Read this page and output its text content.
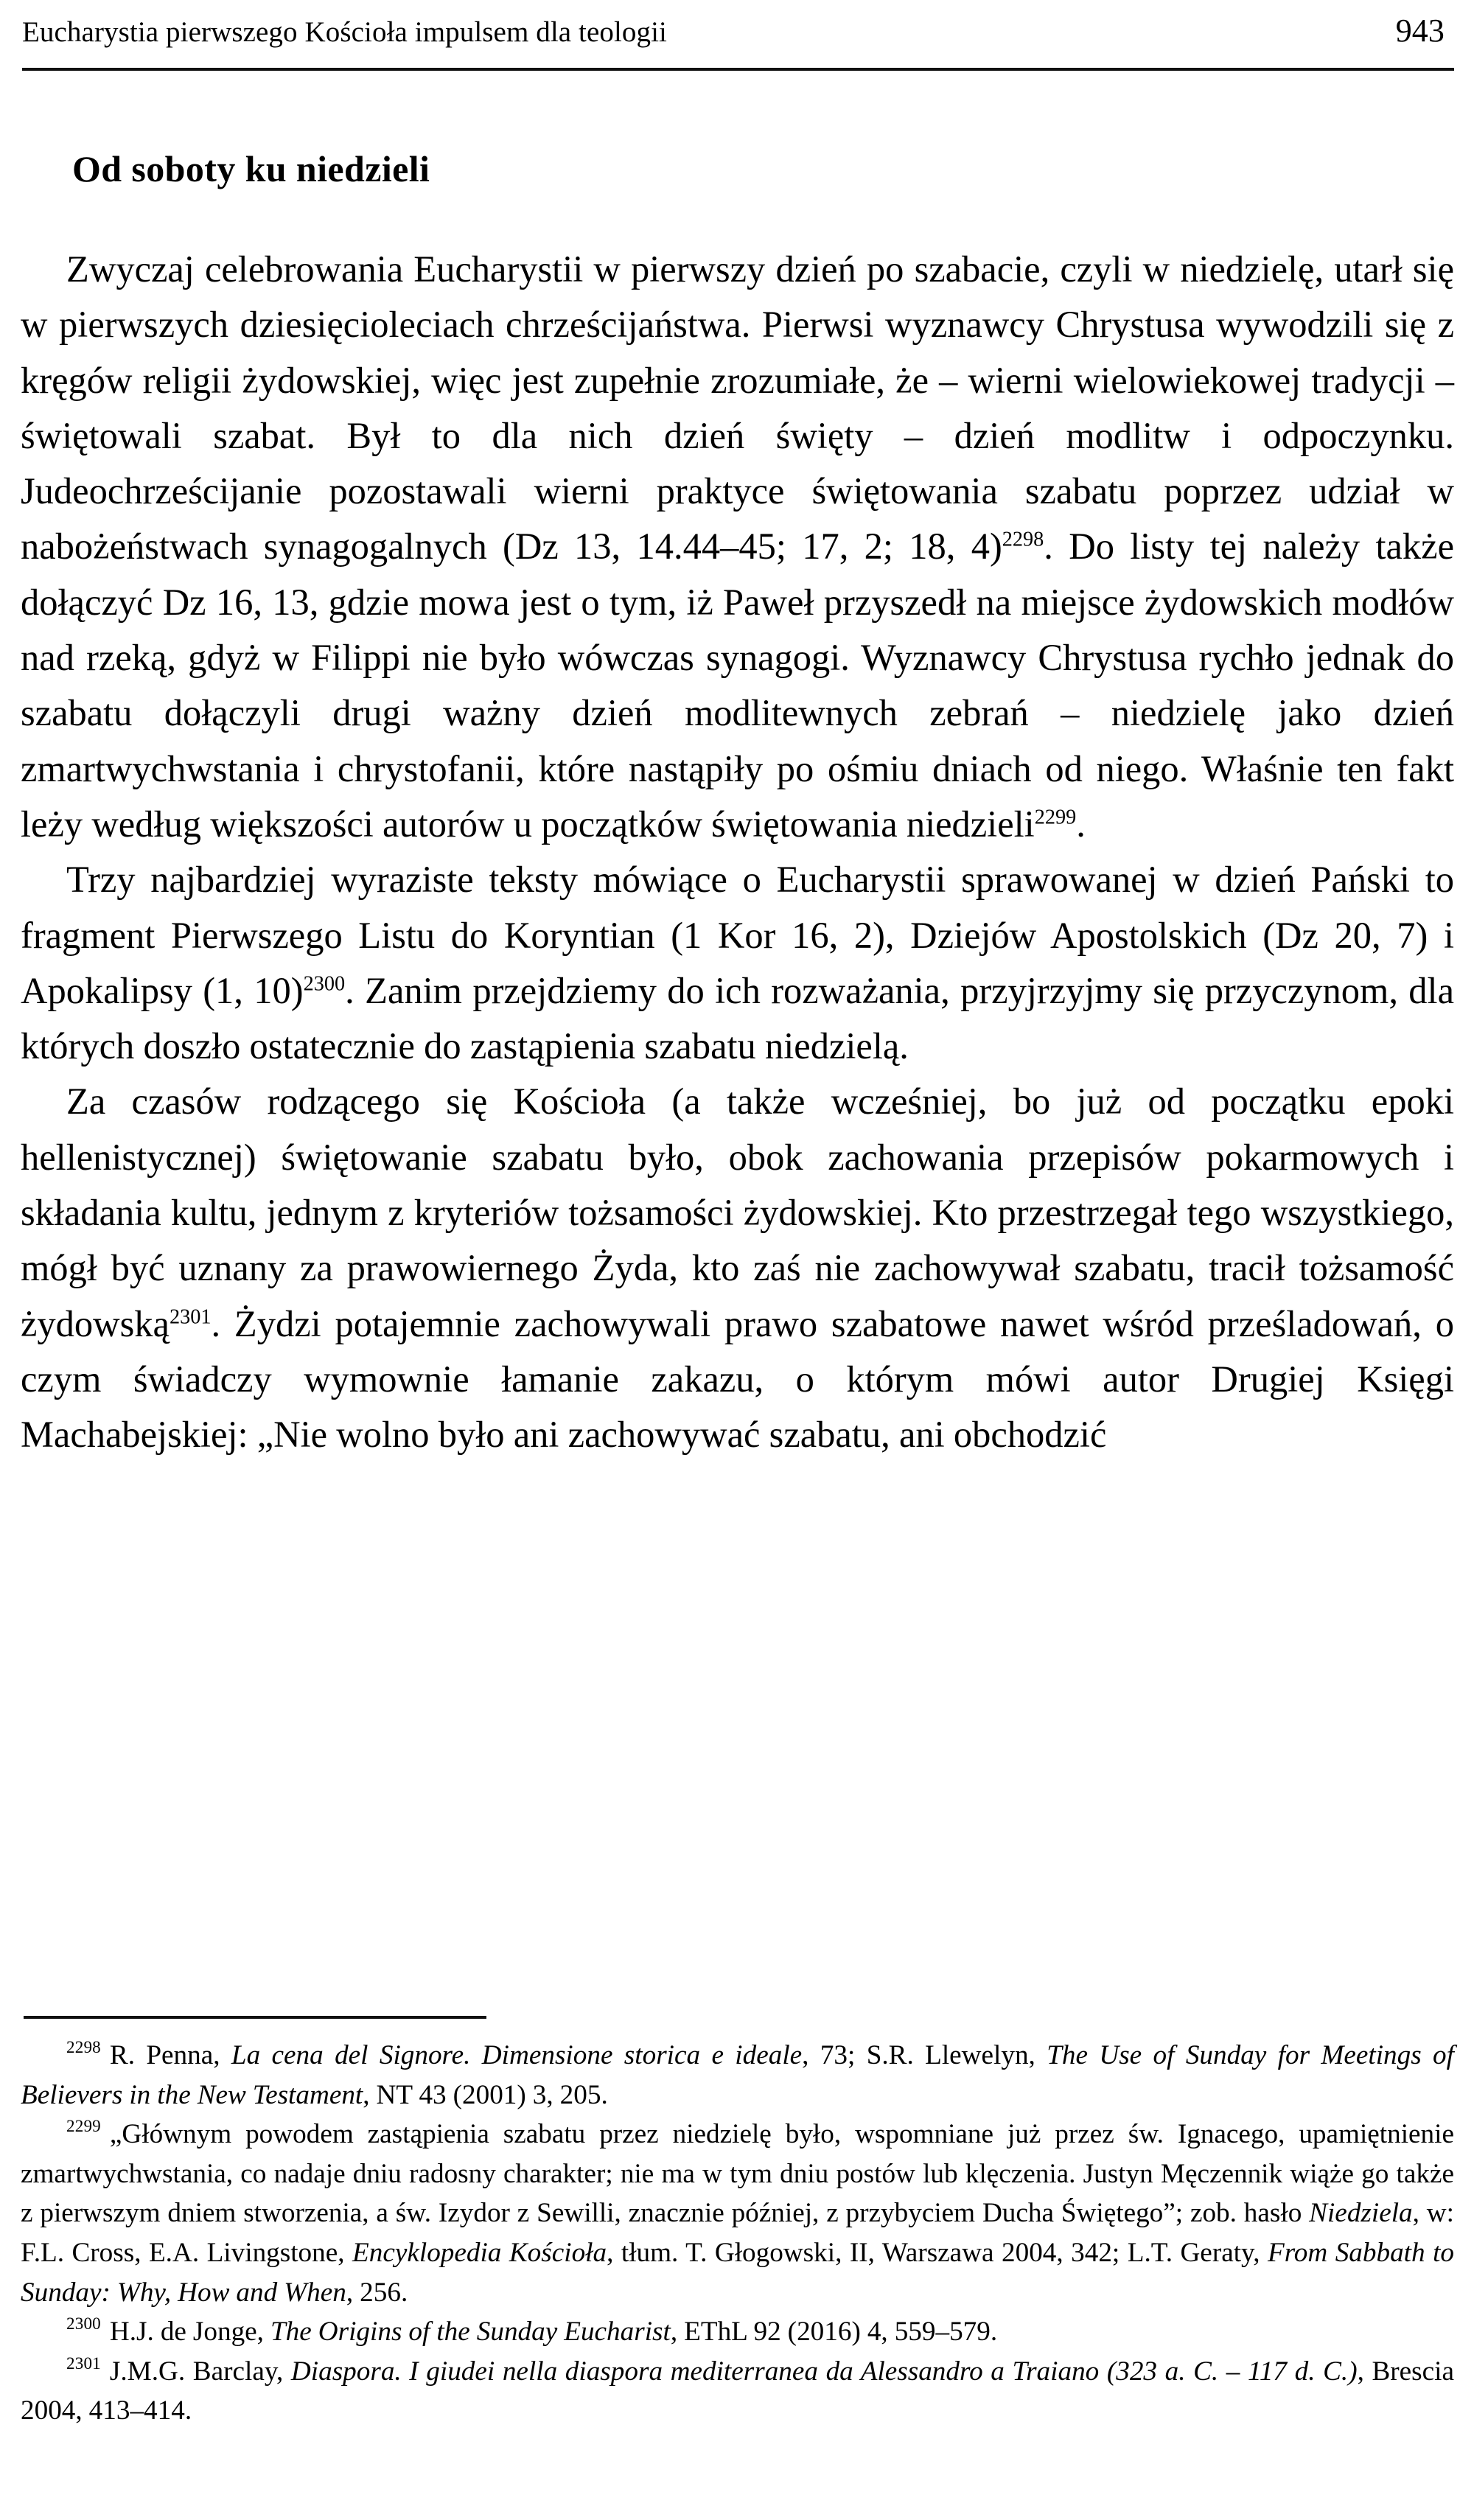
Eucharystia pierwszego Kościoła impulsem dla teologii	943
Od soboty ku niedzieli

Zwyczaj celebrowania Eucharystii w pierwszy dzień po szabacie, czyli w niedzielę, utarł się w pierwszych dziesięcioleciach chrześcijaństwa. Pierwsi wyznawcy Chrystusa wywodzili się z kręgów religii żydowskiej, więc jest zupełnie zrozumiałe, że – wierni wielowiekowej tradycji – świętowali szabat. Był to dla nich dzień święty – dzień modlitw i odpoczynku. Judeochrześcijanie pozostawali wierni praktyce świętowania szabatu poprzez udział w nabożeństwach synagogalnych (Dz 13, 14.44–45; 17, 2; 18, 4)$^{2298}$. Do listy tej należy także dołączyć Dz 16, 13, gdzie mowa jest o tym, iż Paweł przyszedł na miejsce żydowskich modłów nad rzeką, gdyż w Filippi nie było wówczas synagogi. Wyznawcy Chrystusa rychło jednak do szabatu dołączyli drugi ważny dzień modlitewnych zebrań – niedzielę jako dzień zmartwychwstania i chrystofanii, które nastąpiły po ośmiu dniach od niego. Właśnie ten fakt leży według większości autorów u początków świętowania niedzieli$^{2299}$.

Trzy najbardziej wyraziste teksty mówiące o Eucharystii sprawowanej w dzień Pański to fragment Pierwszego Listu do Koryntian (1 Kor 16, 2), Dziejów Apostolskich (Dz 20, 7) i Apokalipsy (1, 10)$^{2300}$. Zanim przejdziemy do ich rozważania, przyjrzyjmy się przyczynom, dla których doszło ostatecznie do zastąpienia szabatu niedzielą.

Za czasów rodzącego się Kościoła (a także wcześniej, bo już od początku epoki hellenistycznej) świętowanie szabatu było, obok zachowania przepisów pokarmowych i składania kultu, jednym z kryteriów tożsamości żydowskiej. Kto przestrzegał tego wszystkiego, mógł być uznany za prawowiernego Żyda, kto zaś nie zachowywał szabatu, tracił tożsamość żydowską$^{2301}$. Żydzi potajemnie zachowywali prawo szabatowe nawet wśród prześladowań, o czym świadczy wymownie łamanie zakazu, o którym mówi autor Drugiej Księgi Machabejskiej: „Nie wolno było ani zachowywać szabatu, ani obchodzić

$^{2298}$ R. Penna, La cena del Signore. Dimensione storica e ideale, 73; S.R. Llewelyn, The Use of Sunday for Meetings of Believers in the New Testament, NT 43 (2001) 3, 205.

$^{2299}$ „Głównym powodem zastąpienia szabatu przez niedzielę było, wspomniane już przez św. Ignacego, upamiętnienie zmartwychwstania, co nadaje dniu radosny charakter; nie ma w tym dniu postów lub klęczenia. Justyn Męczennik wiąże go także z pierwszym dniem stworzenia, a św. Izydor z Sewilli, znacznie później, z przybyciem Ducha Świętego”; zob. hasło Niedziela, w: F.L. Cross, E.A. Livingstone, Encyklopedia Kościoła, tłum. T. Głogowski, II, Warszawa 2004, 342; L.T. Geraty, From Sabbath to Sunday: Why, How and When, 256.

$^{2300}$ H.J. de Jonge, The Origins of the Sunday Eucharist, EThL 92 (2016) 4, 559–579.

$^{2301}$ J.M.G. Barclay, Diaspora. I giudei nella diaspora mediterranea da Alessandro a Traiano (323 a. C. – 117 d. C.), Brescia 2004, 413–414.
